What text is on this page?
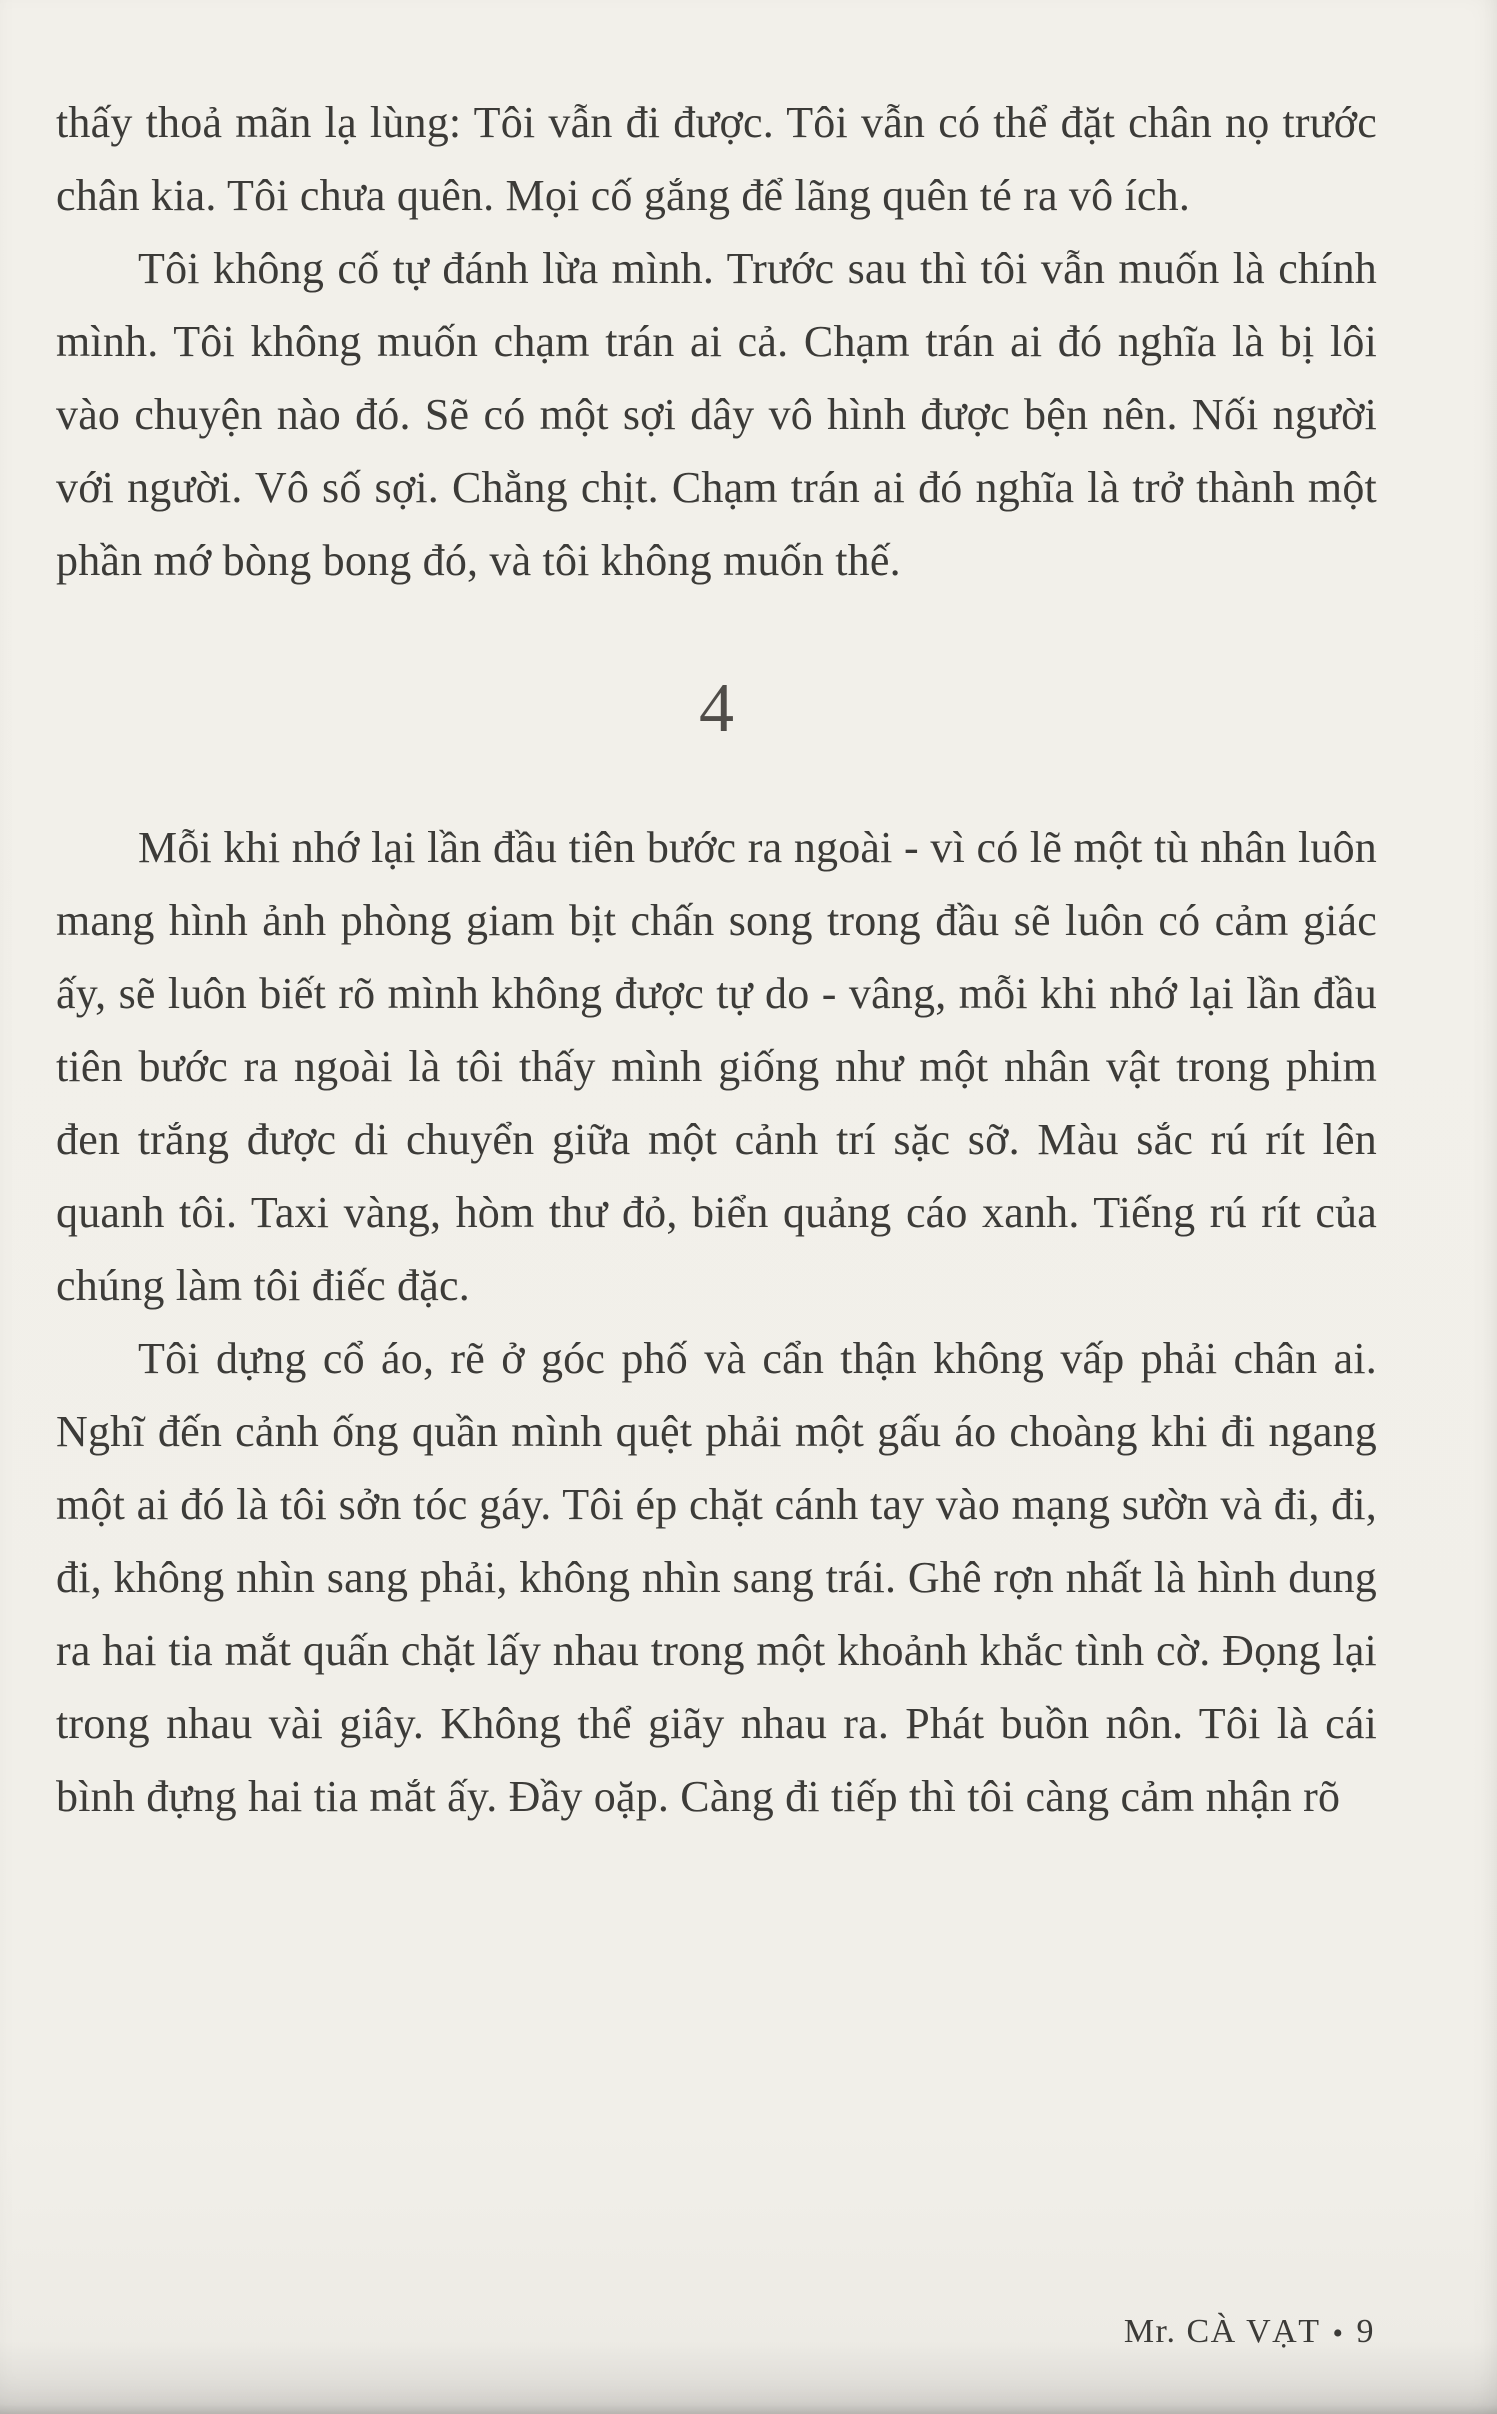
thấy thoả mãn lạ lùng: Tôi vẫn đi được. Tôi vẫn có thể đặt chân nọ trước chân kia. Tôi chưa quên. Mọi cố gắng để lãng quên té ra vô ích.

Tôi không cố tự đánh lừa mình. Trước sau thì tôi vẫn muốn là chính mình. Tôi không muốn chạm trán ai cả. Chạm trán ai đó nghĩa là bị lôi vào chuyện nào đó. Sẽ có một sợi dây vô hình được bện nên. Nối người với người. Vô số sợi. Chằng chịt. Chạm trán ai đó nghĩa là trở thành một phần mớ bòng bong đó, và tôi không muốn thế.

4

Mỗi khi nhớ lại lần đầu tiên bước ra ngoài - vì có lẽ một tù nhân luôn mang hình ảnh phòng giam bịt chấn song trong đầu sẽ luôn có cảm giác ấy, sẽ luôn biết rõ mình không được tự do - vâng, mỗi khi nhớ lại lần đầu tiên bước ra ngoài là tôi thấy mình giống như một nhân vật trong phim đen trắng được di chuyển giữa một cảnh trí sặc sỡ. Màu sắc rú rít lên quanh tôi. Taxi vàng, hòm thư đỏ, biển quảng cáo xanh. Tiếng rú rít của chúng làm tôi điếc đặc.

Tôi dựng cổ áo, rẽ ở góc phố và cẩn thận không vấp phải chân ai. Nghĩ đến cảnh ống quần mình quệt phải một gấu áo choàng khi đi ngang một ai đó là tôi sởn tóc gáy. Tôi ép chặt cánh tay vào mạng sườn và đi, đi, đi, không nhìn sang phải, không nhìn sang trái. Ghê rợn nhất là hình dung ra hai tia mắt quấn chặt lấy nhau trong một khoảnh khắc tình cờ. Đọng lại trong nhau vài giây. Không thể giãy nhau ra. Phát buồn nôn. Tôi là cái bình đựng hai tia mắt ấy. Đầy oặp. Càng đi tiếp thì tôi càng cảm nhận rõ

Mr. CÀ VẠT • 9
